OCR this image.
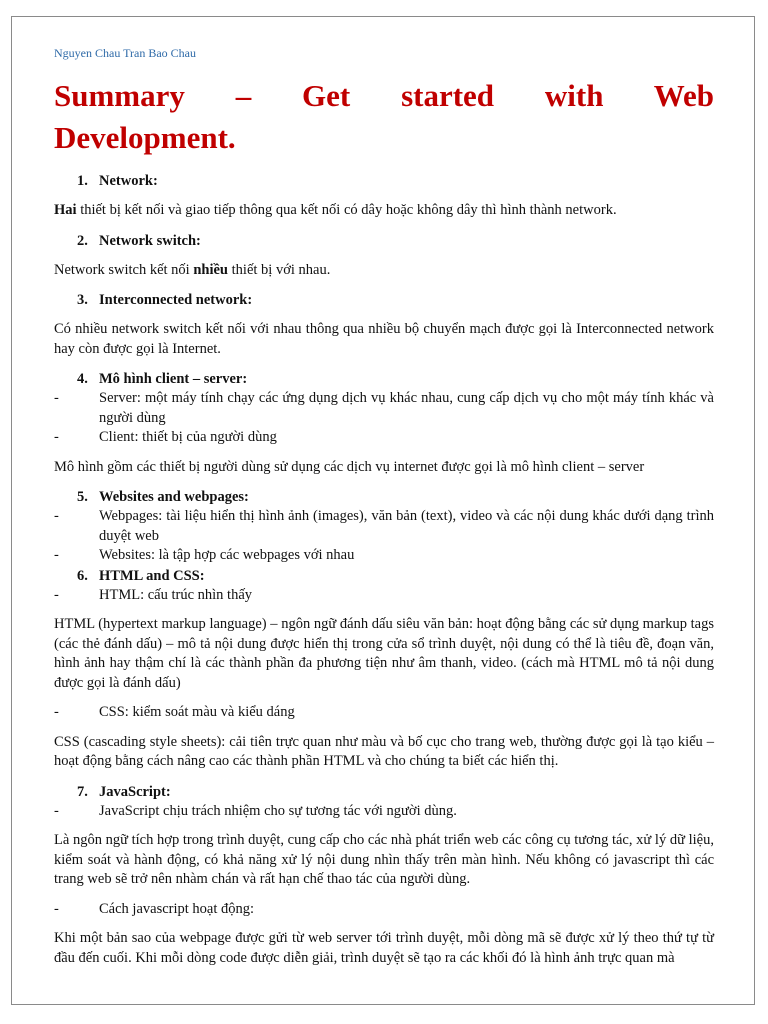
Nguyen Chau Tran Bao Chau

Summary – Get started with Web
Development.

1. Network:

Hai thiết bị kết nối và giao tiếp thông qua kết nối có dây hoặc không dây thì hình thành network.

2. Network switch:

Network switch kết nối nhiều thiết bị với nhau.

3. Interconnected network:

Có nhiều network switch kết nối với nhau thông qua nhiều bộ chuyển mạch được gọi là Interconnected network hay còn được gọi là Internet.

4. Mô hình client – server:

-	Server: một máy tính chạy các ứng dụng dịch vụ khác nhau, cung cấp dịch vụ cho một máy tính khác và người dùng
-	Client: thiết bị của người dùng

Mô hình gồm các thiết bị người dùng sử dụng các dịch vụ internet được gọi là mô hình client – server

5. Websites and webpages:

-	Webpages: tài liệu hiển thị hình ảnh (images), văn bản (text), video và các nội dung khác dưới dạng trình duyệt web
-	Websites: là tập hợp các webpages với nhau

6. HTML and CSS:

-	HTML: cấu trúc nhìn thấy

HTML (hypertext markup language) – ngôn ngữ đánh dấu siêu văn bản: hoạt động bằng các sử dụng markup tags (các thẻ đánh dấu) – mô tả nội dung được hiển thị trong cửa sổ trình duyệt, nội dung có thể là tiêu đề, đoạn văn, hình ảnh hay thậm chí là các thành phần đa phương tiện như âm thanh, video. (cách mà HTML mô tả nội dung được gọi là đánh dấu)

-	CSS: kiểm soát màu và kiểu dáng

CSS (cascading style sheets): cải tiên trực quan như màu và bố cục cho trang web, thường được gọi là tạo kiểu – hoạt động bằng cách nâng cao các thành phần HTML và cho chúng ta biết các hiển thị.

7. JavaScript:

-	JavaScript chịu trách nhiệm cho sự tương tác với người dùng.

Là ngôn ngữ tích hợp trong trình duyệt, cung cấp cho các nhà phát triển web các công cụ tương tác, xử lý dữ liệu, kiểm soát và hành động, có khả năng xử lý nội dung nhìn thấy trên màn hình. Nếu không có javascript thì các trang web sẽ trở nên nhàm chán và rất hạn chế thao tác của người dùng.

-	Cách javascript hoạt động:

Khi một bản sao của webpage được gửi từ web server tới trình duyệt, mỗi dòng mã sẽ được xử lý theo thứ tự từ đầu đến cuối. Khi mỗi dòng code được diễn giải, trình duyệt sẽ tạo ra các khối đó là hình ảnh trực quan mà
